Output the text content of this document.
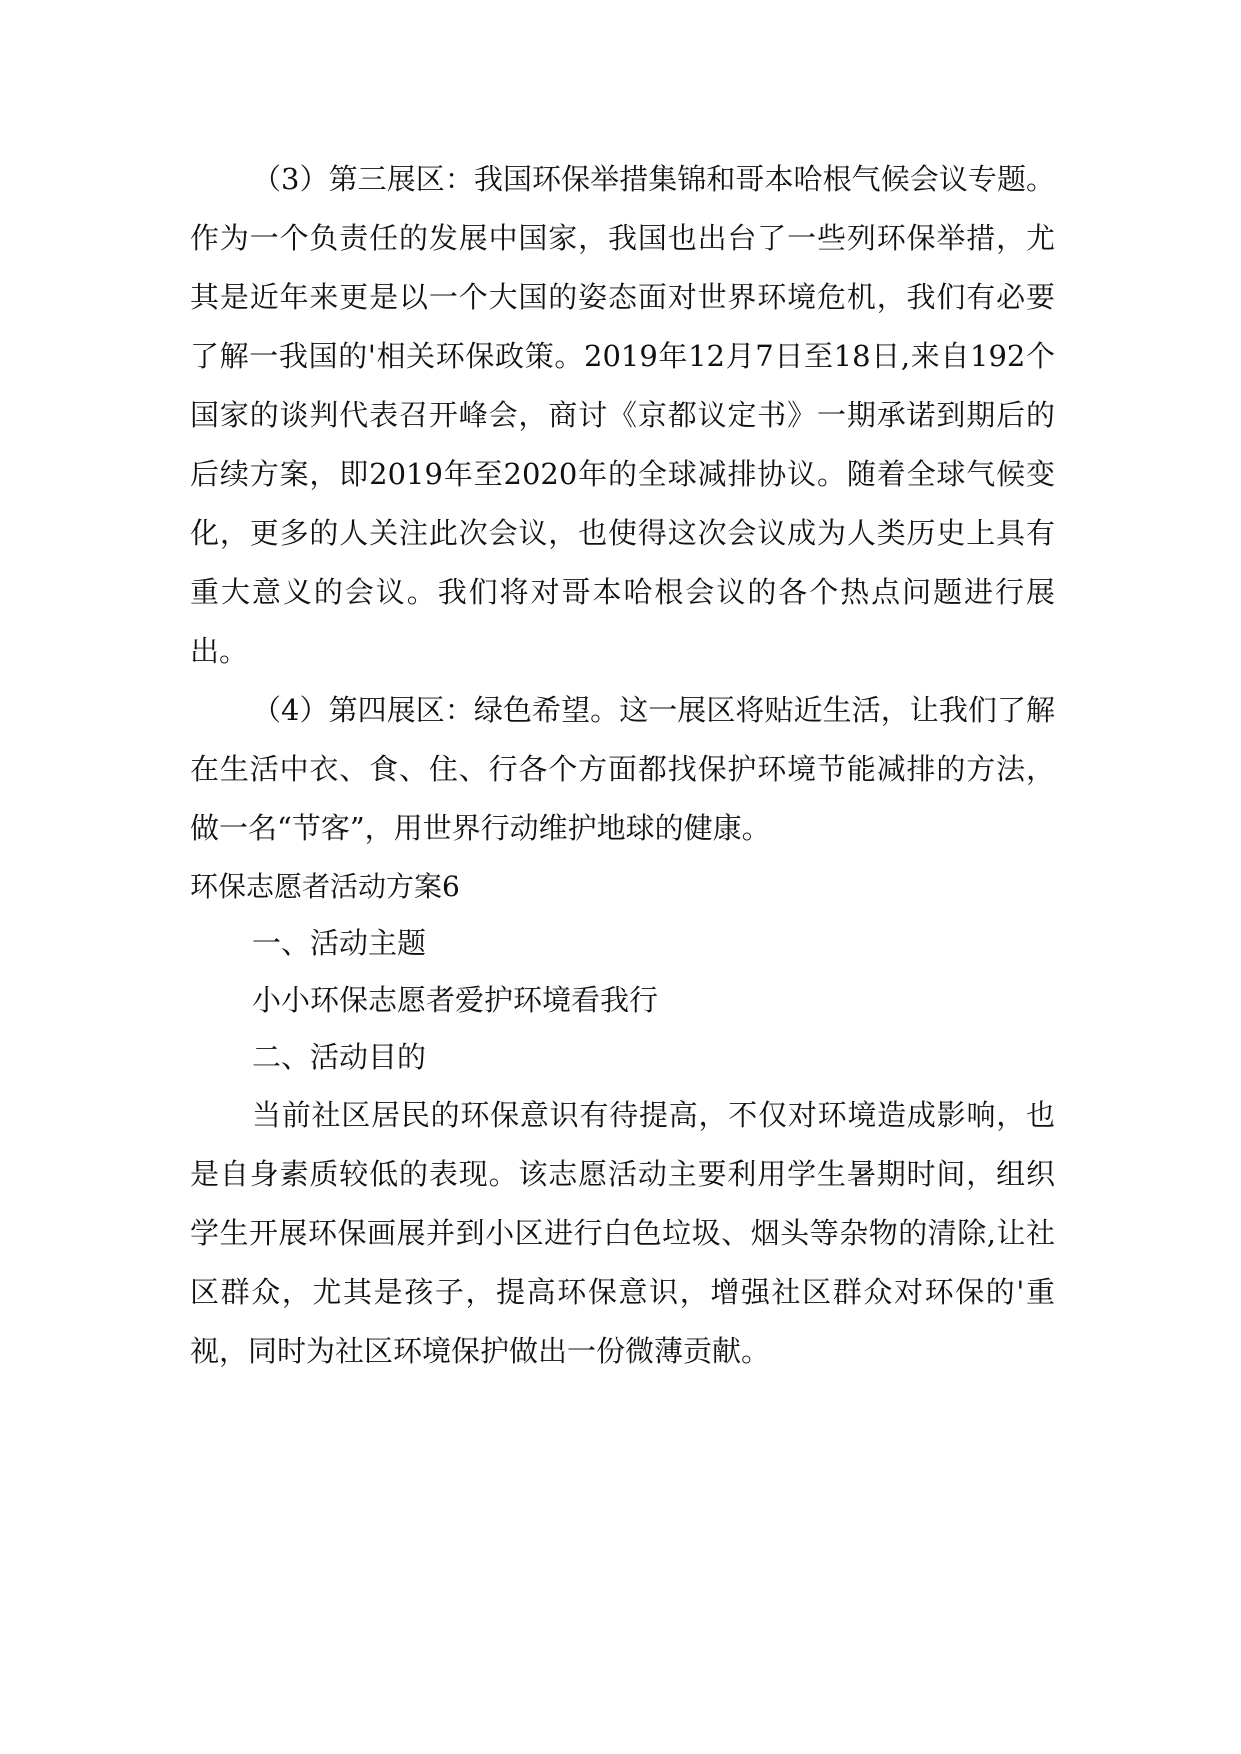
（3）第三展区：我国环保举措集锦和哥本哈根气候会议专题。作为一个负责任的发展中国家，我国也出台了一些列环保举措，尤其是近年来更是以一个大国的姿态面对世界环境危机，我们有必要了解一我国的'相关环保政策。2019年12月7日至18日,来自192个国家的谈判代表召开峰会，商讨《京都议定书》一期承诺到期后的后续方案，即2019年至2020年的全球减排协议。随着全球气候变化，更多的人关注此次会议，也使得这次会议成为人类历史上具有重大意义的会议。我们将对哥本哈根会议的各个热点问题进行展出。

（4）第四展区：绿色希望。这一展区将贴近生活，让我们了解在生活中衣、食、住、行各个方面都找保护环境节能减排的方法，做一名“节客”，用世界行动维护地球的健康。

环保志愿者活动方案6

一、活动主题

小小环保志愿者爱护环境看我行

二、活动目的

当前社区居民的环保意识有待提高，不仅对环境造成影响，也是自身素质较低的表现。该志愿活动主要利用学生暑期时间，组织学生开展环保画展并到小区进行白色垃圾、烟头等杂物的清除,让社区群众，尤其是孩子，提高环保意识，增强社区群众对环保的'重视，同时为社区环境保护做出一份微薄贡献。
